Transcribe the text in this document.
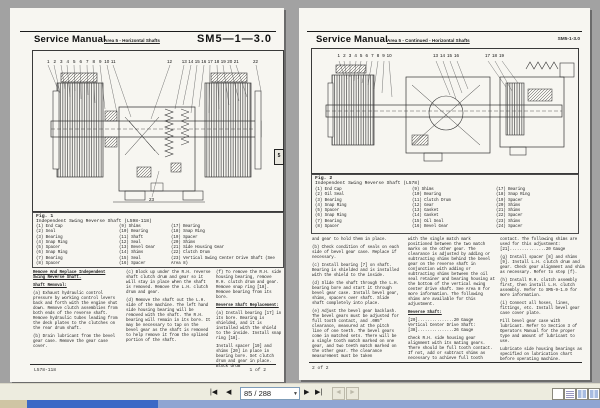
Service Manual
Area 5 - Horizontal Shafts	SM5—1—3.0
1 2 3 4 5 6 7 8 9 10 11	12 13 14 15 16 17 18 19 20 21	22
23
5
Fig. 1
Independent Swing Reverse Shaft (L598-118)
(1) End Cap
(2) Seal
(3) Bearing
(4) Snap Ring
(5) Spacer
(6) Snap Ring
(7) Bearing
(8) Spacer
(9) Shims
(10) Bearing
(11) Shaft
(12) Seal
(13) Bevel Gear
(14) Shims
(15) Seal
(16) Spacer
(17) Bearing
(18) Snap Ring
(19) Spacer
(20) Shims
(21) Side Housing Gear
(22) Clutch Drum
(23) Vertical Swing Center Drive Shaft (See Area 8)
Remove And Replace Independent Swing Reverse Shaft.
Shaft Removal:
(a) Exhaust hydraulic control pressure by working control levers back and forth with the engine shut down. Remove clutch assemblies from both ends of the reverse shaft. Remove hydraulic tubes leading from the deck plates to the clutches on the rear drum shaft.
(b) Drain lubricant from the bevel gear case. Remove the gear case cover.
(c) Block up under the R.H. reverse shaft clutch drum and gear so it will stay in place when the shaft is removed. Remove the L.H. clutch drum and gear.
(d) Remove the shaft out the L.H. side of the machine. The left hand side housing bearing will be removed with the shaft. The R.H. bearing will remain in its bore. It may be necessary to tap on the bevel gear as the shaft is removed to help remove it from the splined portion of the shaft.
(f) To remove the R.H. side housing bearing, remove R.H. clutch drum and gear. Remove snap ring [18]. Remove bearing from its bore.
Reverse Shaft Replacement:
(a) Install bearing [17] in its bore. Bearing is shielded, and it is installed with the shield to the inside. Install snap ring [18].
Install spacer [19] and shims [20] in place in bearing bore. Set clutch drum and gear in place. Block drum
L578-118	1 of 2
Service Manual Area 5 - Continued - Horizontal Shafts	SM5-1-3.0
1 2 3 4 5 6 7 8 9 10	13 14 15 16	17 18 19
Fig. 2
Independent Swing Reverse Shaft (L578)
(1) End Cap
(2) Oil Seal
(3) Bearing
(4) Snap Ring
(5) Spacer
(6) Snap Ring
(7) Bearing
(8) Spacer
(9) Shims
(10) Bearing
(11) Clutch Drum
(12) Gear
(13) Gasket
(14) Gasket
(15) Oil Seal
(16) Bevel Gear
(17) Bearing
(18) Snap Ring
(19) Spacer
(20) Shims
(21) Shims
(22) Spacer
(23) Shims
(24) Spacer
and gear to hold them in place.
(b) Check condition of seals on each side of bevel gear case. Replace if necessary.
(c) Install bearing [7] on shaft. Bearing is shielded and is installed with the shield to the inside.
(d) Slide the shaft through the L.H. bearing bore and start it through bevel gear case. Install bevel gear, shims, spacers over shaft. Slide shaft completely into place.
(e) Adjust the bevel gear backlash. The bevel gears must be adjusted for full tooth contact, and .005" clearance, measured at the pitch line of one teeth. The bevel gears come in matched sets. There will be a single tooth match marked on one gear, and two teeth match marked on the other gear. The clearance measurement must be taken
with the single match mark positioned between the two match marks on the other gear. The clearance is adjusted by adding or subtracting shims behind the bevel gear on the reverse shaft in conjunction with adding or subtracting shims between the oil seal retainer and bearing housing at the bottom of the vertical swing center drive shaft. See Area 8 for more information. The following shims are available for this adjustment.
Reverse Shaft:
[20]...............20 Gauge
Vertical Center Drive Shaft:
[38]...............26 Gauge
Check R.H. side housing gear alignment with its mating gears. There should be full tooth contact. If not, add or subtract shims as necessary to achieve full tooth
contact. The following shims are used for this adjustment:
[21]...............20 Gauge
(g) Install spacer [8] and shims [9]. Install L.H. clutch drum and gear. Check gear alignment and shim as necessary. Refer to step (f).
(h) Install R.H. clutch assembly first, then install L.H. clutch assembly. Refer to SM5-9-1.0 for more information.
(i) Connect all hoses, lines, fittings, etc. Install bevel gear case cover plate.
Fill bevel gear case with lubricant. Refer to Section 3 of Operators Manual for the proper type and amount of lubricant to use.
Lubricate side housing bearings as specified on lubrication chart before operating machine.
2 of 2
|◀ ◀ 85 / 288	▼ ▶ ▶|	◄	►
